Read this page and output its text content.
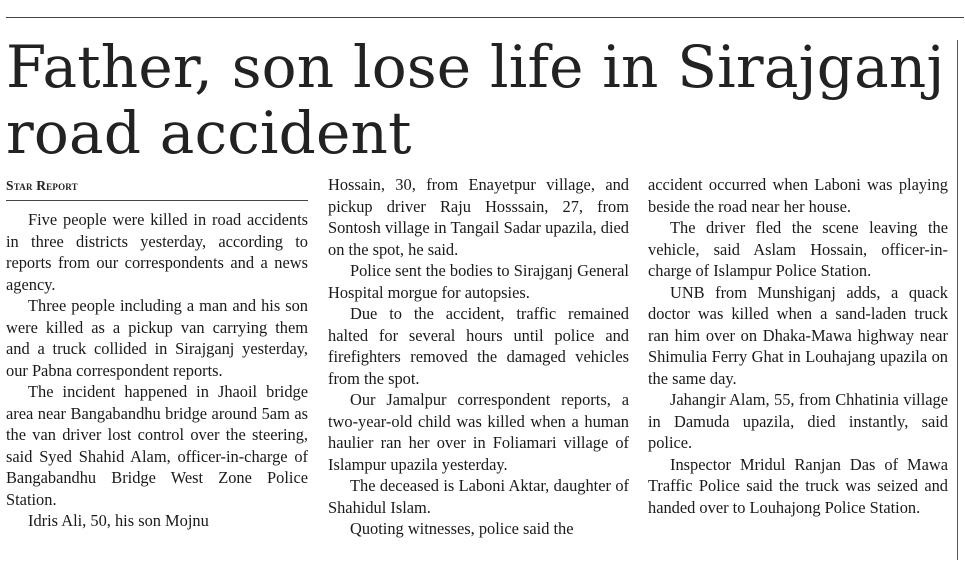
Father, son lose life in Sirajganj road accident
Star Report

Five people were killed in road accidents in three districts yesterday, according to reports from our correspondents and a news agency.

Three people including a man and his son were killed as a pickup van carrying them and a truck collided in Sirajganj yesterday, our Pabna correspondent reports.

The incident happened in Jhaoil bridge area near Bangabandhu bridge around 5am as the van driver lost control over the steering, said Syed Shahid Alam, officer-in-charge of Bangabandhu Bridge West Zone Police Station.

Idris Ali, 50, his son Mojnu

Hossain, 30, from Enayetpur village, and pickup driver Raju Hosssain, 27, from Sontosh village in Tangail Sadar upazila, died on the spot, he said.

Police sent the bodies to Sirajganj General Hospital morgue for autopsies.

Due to the accident, traffic remained halted for several hours until police and firefighters removed the damaged vehicles from the spot.

Our Jamalpur correspondent reports, a two-year-old child was killed when a human haulier ran her over in Foliamari village of Islampur upazila yesterday.

The deceased is Laboni Aktar, daughter of Shahidul Islam.

Quoting witnesses, police said the

accident occurred when Laboni was playing beside the road near her house.

The driver fled the scene leaving the vehicle, said Aslam Hossain, officer-in-charge of Islampur Police Station.

UNB from Munshiganj adds, a quack doctor was killed when a sand-laden truck ran him over on Dhaka-Mawa highway near Shimulia Ferry Ghat in Louhajang upazila on the same day.

Jahangir Alam, 55, from Chhatinia village in Damuda upazila, died instantly, said police.

Inspector Mridul Ranjan Das of Mawa Traffic Police said the truck was seized and handed over to Louhajong Police Station.
